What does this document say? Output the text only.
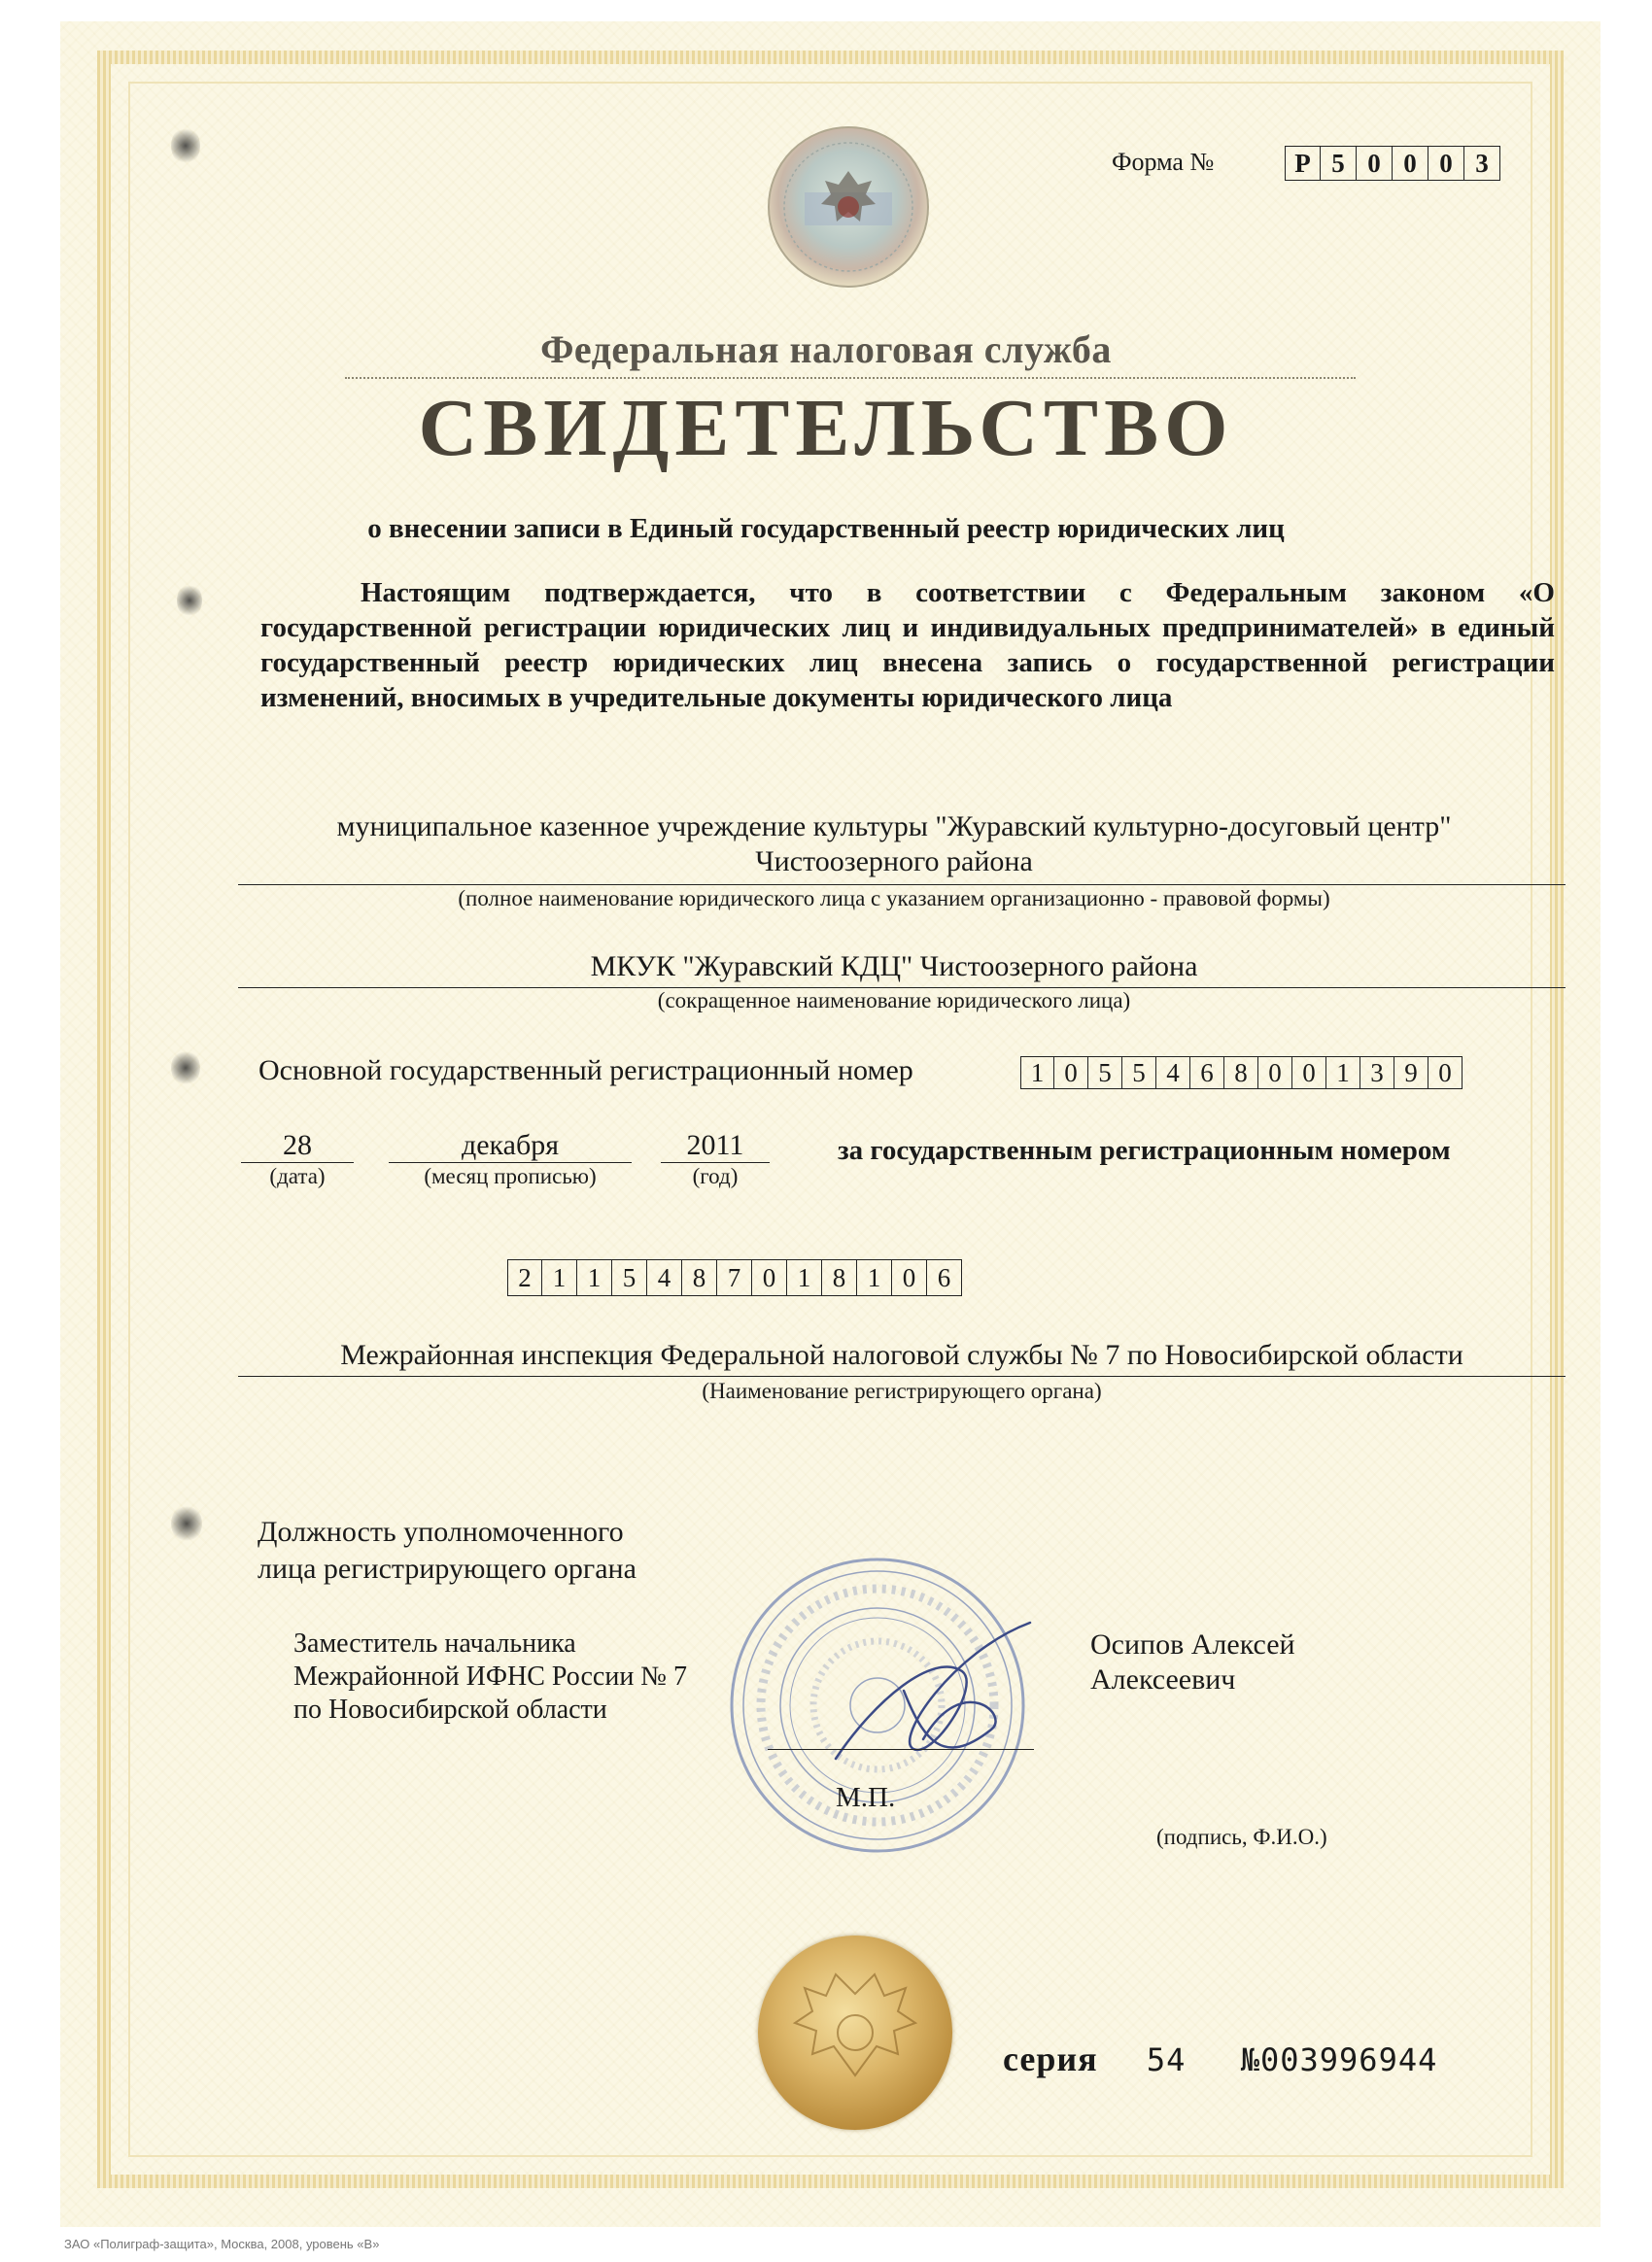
Форма №	Р 5 0 0 0 3
Федеральная налоговая служба
СВИДЕТЕЛЬСТВО
о внесении записи в Единый государственный реестр юридических лиц
Настоящим подтверждается, что в соответствии с Федеральным законом «О государственной регистрации юридических лиц и индивидуальных предпринимателей» в единый государственный реестр юридических лиц внесена запись о государственной регистрации изменений, вносимых в учредительные документы юридического лица
муниципальное казенное учреждение культуры "Журавский культурно-досуговый центр"
Чистоозерного района
(полное наименование юридического лица с указанием организационно - правовой формы)
МКУК "Журавский КДЦ" Чистоозерного района
(сокращенное наименование юридического лица)
Основной государственный регистрационный номер	1 0 5 5 4 6 8 0 0 1 3 9 0
28
(дата)
декабря
(месяц прописью)
2011
(год)
за государственным регистрационным номером
2 1 1 5 4 8 7 0 1 8 1 0 6
Межрайонная инспекция Федеральной налоговой службы № 7 по Новосибирской области
(Наименование регистрирующего органа)
Должность уполномоченного
лица регистрирующего органа
Заместитель начальника
Межрайонной ИФНС России № 7
по Новосибирской области
Осипов Алексей
Алексеевич
М.П.
(подпись, Ф.И.О.)
серия 54 №003996944
ЗАО «Полиграф-защита», Москва, 2008, уровень «В»
